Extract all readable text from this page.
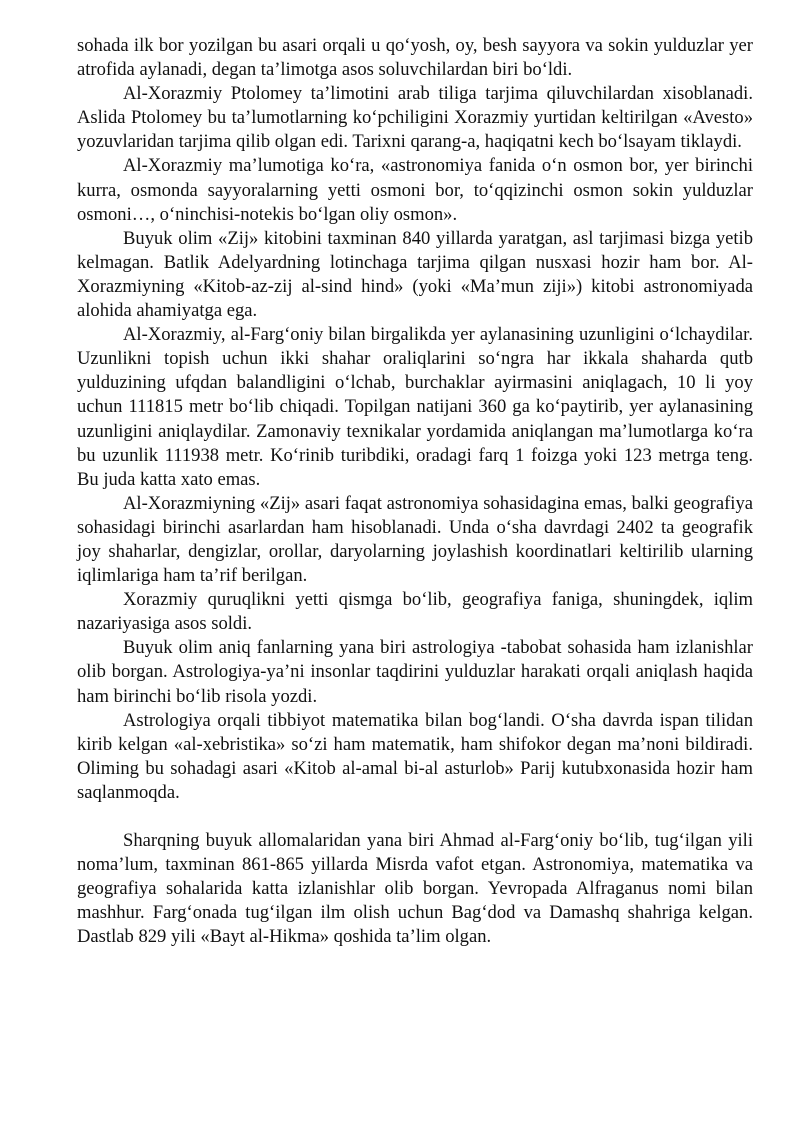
sohada ilk bor yozilgan bu asari orqali u qo‘yosh, oy, besh sayyora va sokin yulduzlar yer atrofida aylanadi, degan ta’limotga asos soluvchilardan biri bo‘ldi.

Al-Xorazmiy Ptolomey ta’limotini arab tiliga tarjima qiluvchilardan xisoblanadi. Aslida Ptolomey bu ta’lumotlarning ko‘pchiligini Xorazmiy yurtidan keltirilgan «Avesto» yozuvlaridan tarjima qilib olgan edi. Tarixni qarang-a, haqiqatni kech bo‘lsayam tiklaydi.

Al-Xorazmiy ma’lumotiga ko‘ra, «astronomiya fanida o‘n osmon bor, yer birinchi kurra, osmonda sayyoralarning yetti osmoni bor, to‘qqizinchi osmon sokin yulduzlar osmoni…, o‘ninchisi-notekis bo‘lgan oliy osmon».

Buyuk olim «Zij» kitobini taxminan 840 yillarda yaratgan, asl tarjimasi bizga yetib kelmagan. Batlik Adelyardning lotinchaga tarjima qilgan nusxasi hozir ham bor. Al-Xorazmiyning «Kitob-az-zij al-sind hind» (yoki «Ma’mun ziji») kitobi astronomiyada alohida ahamiyatga ega.

Al-Xorazmiy, al-Farg‘oniy bilan birgalikda yer aylanasining uzunligini o‘lchaydilar. Uzunlikni topish uchun ikki shahar oraliqlarini so‘ngra har ikkala shaharda qutb yulduzining ufqdan balandligini o‘lchab, burchaklar ayirmasini aniqlagach, 10 li yoy uchun 111815 metr bo‘lib chiqadi. Topilgan natijani 360 ga ko‘paytirib, yer aylanasining uzunligini aniqlaydilar. Zamonaviy texnikalar yordamida aniqlangan ma’lumotlarga ko‘ra bu uzunlik 111938 metr. Ko‘rinib turibdiki, oradagi farq 1 foizga yoki 123 metrga teng. Bu juda katta xato emas.

Al-Xorazmiyning «Zij» asari faqat astronomiya sohasidagina emas, balki geografiya sohasidagi birinchi asarlardan ham hisoblanadi. Unda o‘sha davrdagi 2402 ta geografik joy shaharlar, dengizlar, orollar, daryolarning joylashish koordinatlari keltirilib ularning iqlimlariga ham ta’rif berilgan.

Xorazmiy quruqlikni yetti qismga bo‘lib, geografiya faniga, shuningdek, iqlim nazariyasiga asos soldi.

Buyuk olim aniq fanlarning yana biri astrologiya -tabobat sohasida ham izlanishlar olib borgan. Astrologiya-ya’ni insonlar taqdirini yulduzlar harakati orqali aniqlash haqida ham birinchi bo‘lib risola yozdi.

Astrologiya orqali tibbiyot matematika bilan bog‘landi. O‘sha davrda ispan tilidan kirib kelgan «al-xebristika» so‘zi ham matematik, ham shifokor degan ma’noni bildiradi. Oliming bu sohadagi asari «Kitob al-amal bi-al asturlob» Parij kutubxonasida hozir ham saqlanmoqda.

Sharqning buyuk allomalaridan yana biri Ahmad al-Farg‘oniy bo‘lib, tug‘ilgan yili noma’lum, taxminan 861-865 yillarda Misrda vafot etgan. Astronomiya, matematika va geografiya sohalarida katta izlanishlar olib borgan. Yevropada Alfraganus nomi bilan mashhur. Farg‘onada tug‘ilgan ilm olish uchun Bag‘dod va Damashq shahriga kelgan. Dastlab 829 yili «Bayt al-Hikma» qoshida ta’lim olgan.
